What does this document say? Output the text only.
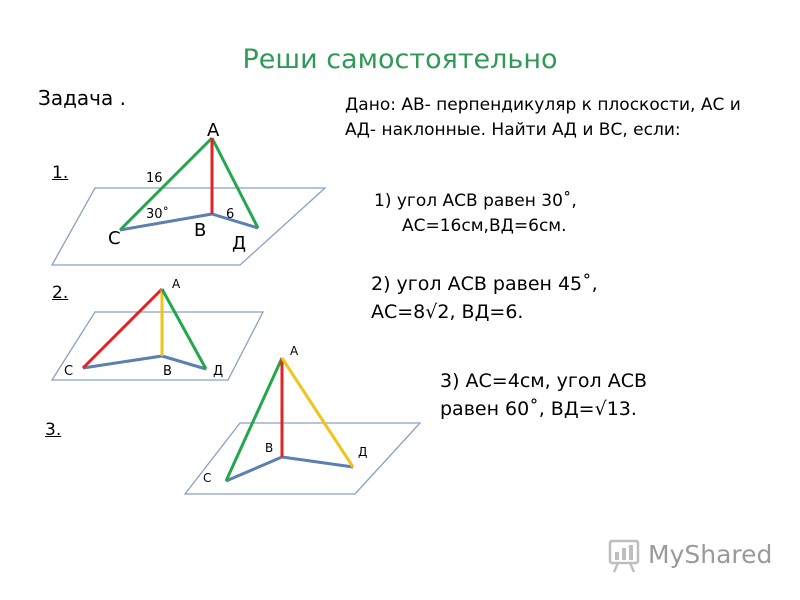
Реши самостоятельно
Задача .	Дано: АВ- перпендикуляр к плоскости, АС и АД- наклонные. Найти АД и ВС, если:
1) угол АСВ равен 30˚,
АС=16см,ВД=6см.
2) угол АСВ равен 45˚,
АС=8√2, ВД=6.
3) АС=4см, угол АСВ
равен 60˚, ВД=√13.
1.
2.
3.
А
В
С	Д
16
30˚	6
А
В
С	Д
А
В
С
Д
MyShared
